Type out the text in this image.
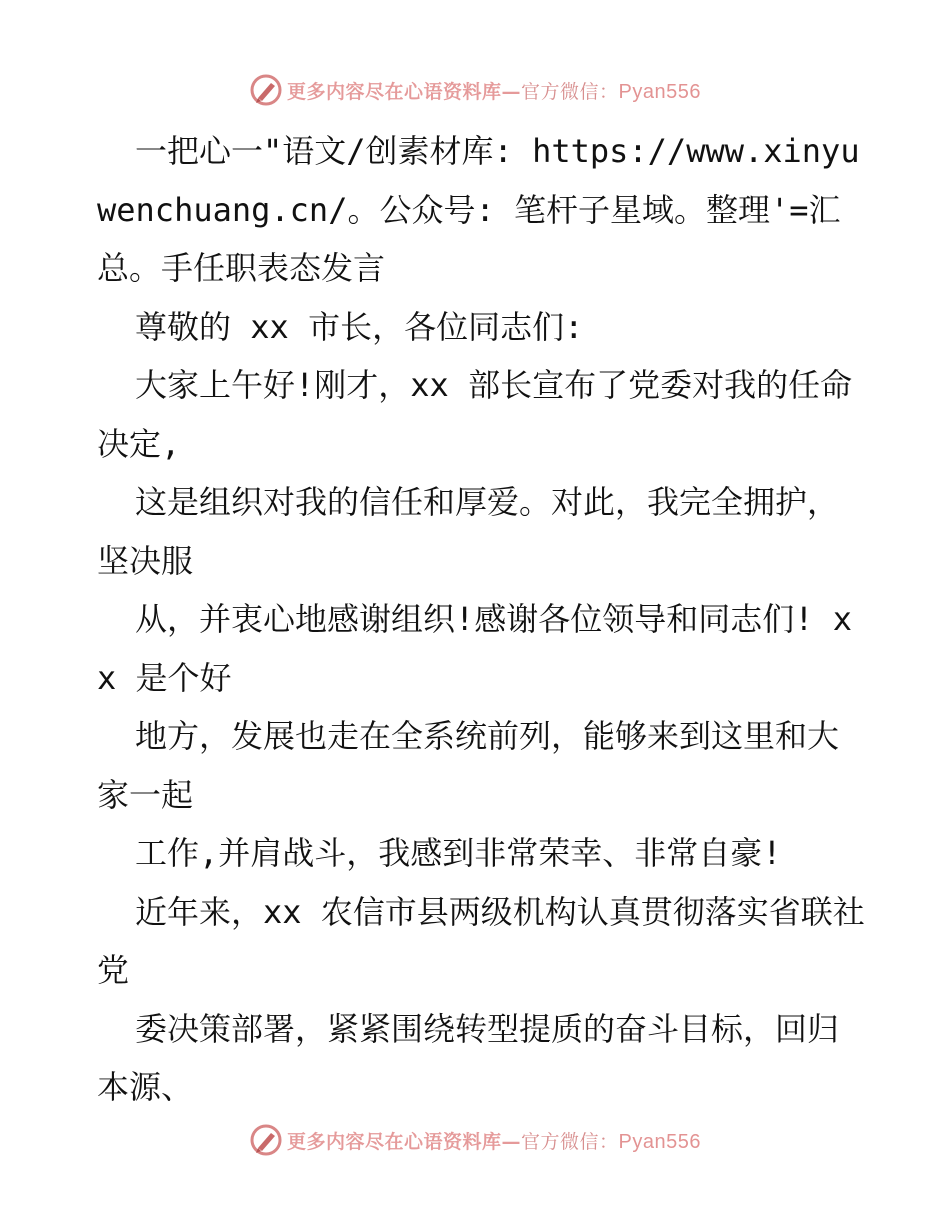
更多内容尽在心语资料库—官方微信：Pyan556

一把心一"语文/创素材库: https://www.xinyuwenchuang.cn/。公众号: 笔杆子星域。整理'=汇总。手任职表态发言

尊敬的 xx 市长，各位同志们:

大家上午好!刚才，xx 部长宣布了党委对我的任命决定,

这是组织对我的信任和厚爱。对此，我完全拥护，坚决服

从，并衷心地感谢组织!感谢各位领导和同志们! xx 是个好

地方，发展也走在全系统前列，能够来到这里和大家一起

工作,并肩战斗，我感到非常荣幸、非常自豪!

近年来，xx 农信市县两级机构认真贯彻落实省联社党

委决策部署，紧紧围绕转型提质的奋斗目标，回归本源、

更多内容尽在心语资料库—官方微信：Pyan556
